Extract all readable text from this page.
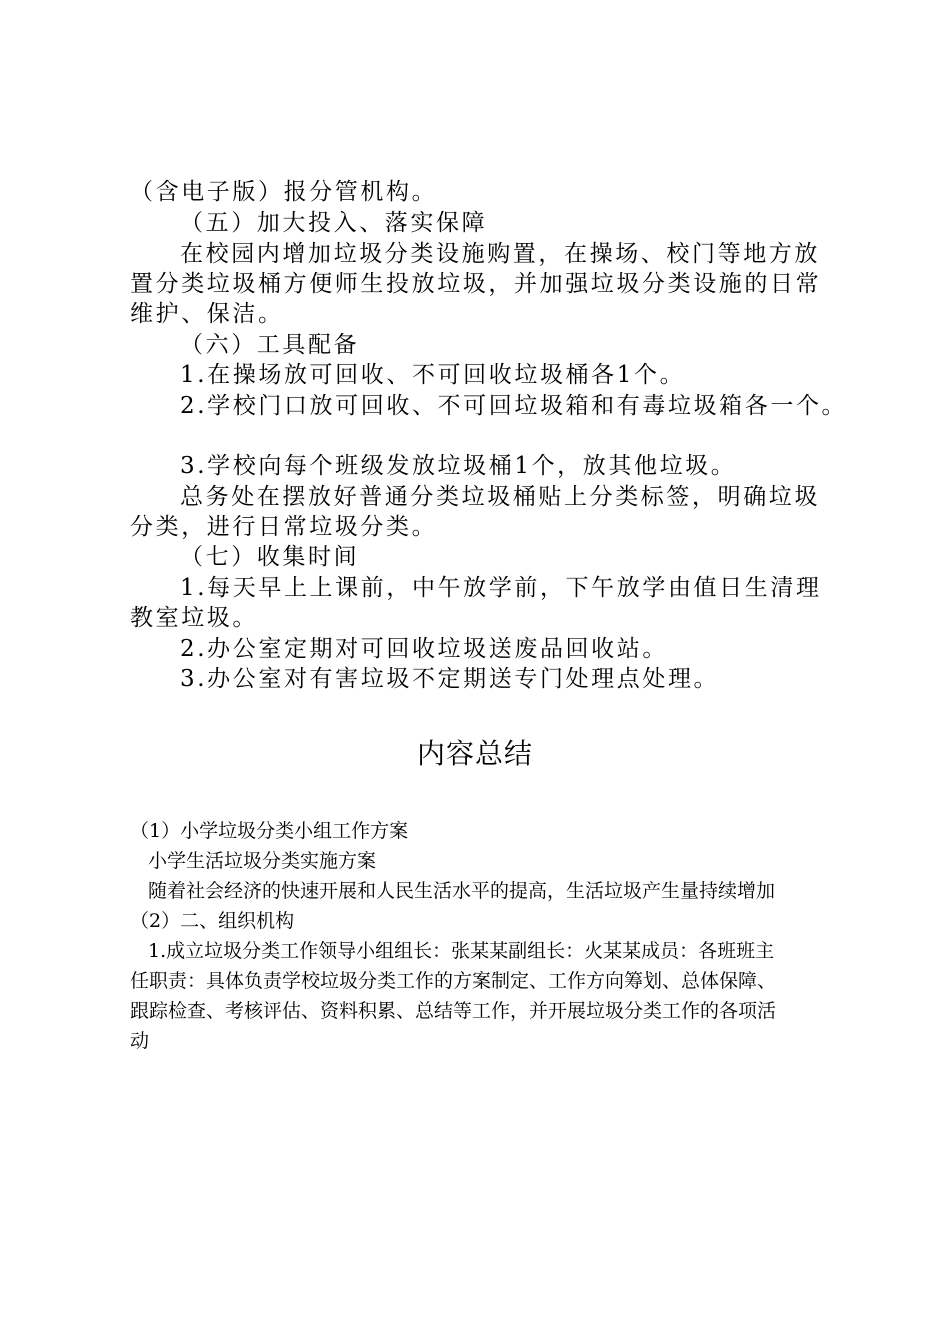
（含电子版）报分管机构。

（五）加大投入、落实保障

在校园内增加垃圾分类设施购置，在操场、校门等地方放

置分类垃圾桶方便师生投放垃圾，并加强垃圾分类设施的日常

维护、保洁。

（六）工具配备

1.在操场放可回收、不可回收垃圾桶各1个。

2.学校门口放可回收、不可回垃圾箱和有毒垃圾箱各一个。

3.学校向每个班级发放垃圾桶1个，放其他垃圾。

总务处在摆放好普通分类垃圾桶贴上分类标签，明确垃圾

分类，进行日常垃圾分类。

（七）收集时间

1.每天早上上课前，中午放学前，下午放学由值日生清理

教室垃圾。

2.办公室定期对可回收垃圾送废品回收站。

3.办公室对有害垃圾不定期送专门处理点处理。

内容总结

（1）小学垃圾分类小组工作方案

小学生活垃圾分类实施方案

随着社会经济的快速开展和人民生活水平的提高，生活垃圾产生量持续增加

（2）二、组织机构

1.成立垃圾分类工作领导小组组长：张某某副组长：火某某成员：各班班主

任职责：具体负责学校垃圾分类工作的方案制定、工作方向筹划、总体保障、

跟踪检查、考核评估、资料积累、总结等工作，并开展垃圾分类工作的各项活

动
